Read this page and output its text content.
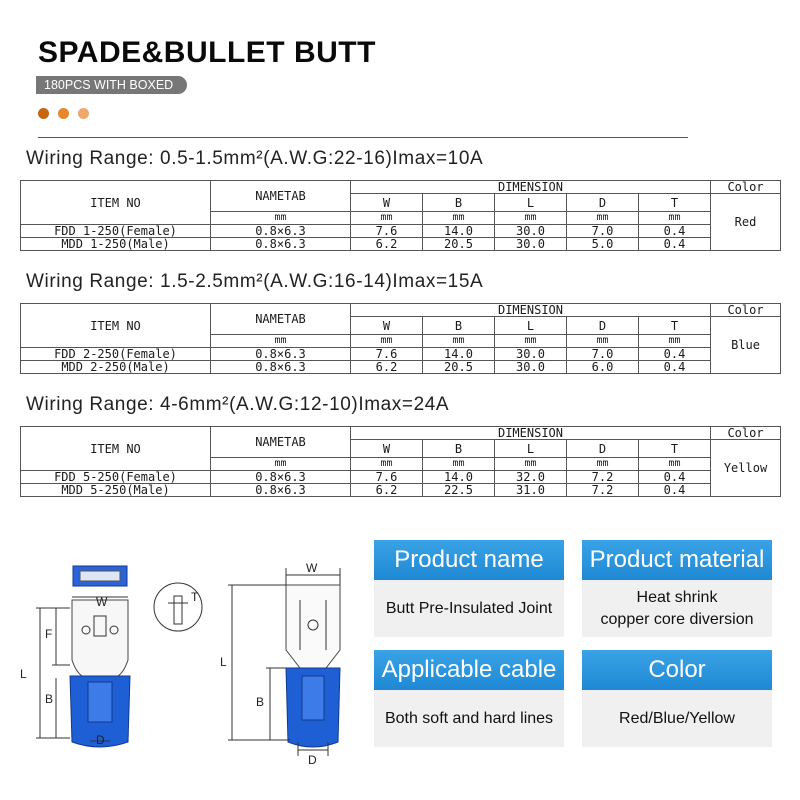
SPADE&BULLET BUTT
180PCS WITH BOXED
Wiring Range: 0.5-1.5mm²(A.W.G:22-16)Imax=10A
ITEM NO	NAMETAB	DIMENSION					Color
		W	B	L	D	T	Red
	mm	mm	mm	mm	mm	mm	
FDD 1-250(Female)	0.8×6.3	7.6	14.0	30.0	7.0	0.4	
MDD 1-250(Male)	0.8×6.3	6.2	20.5	30.0	5.0	0.4	
Wiring Range: 1.5-2.5mm²(A.W.G:16-14)Imax=15A
ITEM NO	NAMETAB	DIMENSION					Color
		W	B	L	D	T	Blue
	mm	mm	mm	mm	mm	mm	
FDD 2-250(Female)	0.8×6.3	7.6	14.0	30.0	7.0	0.4	
MDD 2-250(Male)	0.8×6.3	6.2	20.5	30.0	6.0	0.4	
Wiring Range: 4-6mm²(A.W.G:12-10)Imax=24A
ITEM NO	NAMETAB	DIMENSION					Color
		W	B	L	D	T	Yellow
	mm	mm	mm	mm	mm	mm	
FDD 5-250(Female)	0.8×6.3	7.6	14.0	32.0	7.2	0.4	
MDD 5-250(Male)	0.8×6.3	6.2	22.5	31.0	7.2	0.4	
W
F
L
B
D
T
W
L
B
D
Product name
Butt Pre-Insulated Joint
Product material
Heat shrink
copper core diversion
Applicable cable
Both soft and hard lines
Color
Red/Blue/Yellow
